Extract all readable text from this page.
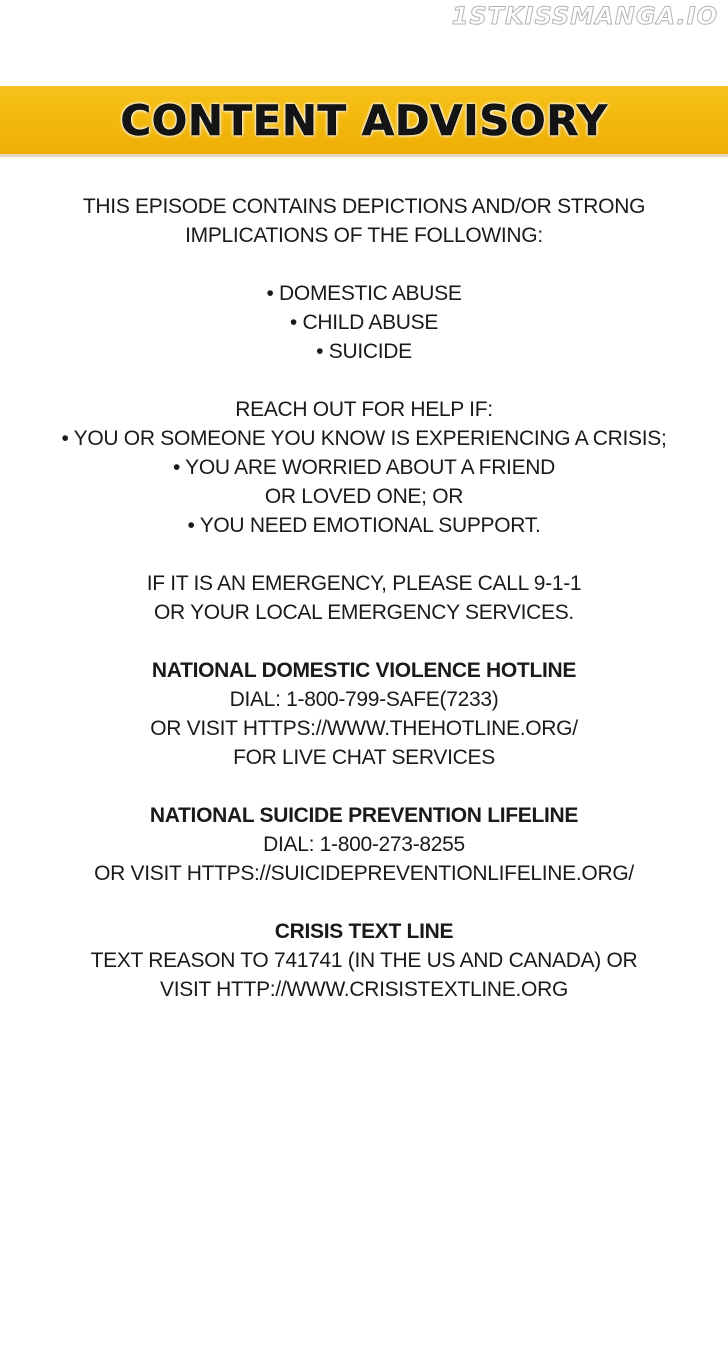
1STKISSMANGA.IO
CONTENT ADVISORY
THIS EPISODE CONTAINS DEPICTIONS AND/OR STRONG
IMPLICATIONS OF THE FOLLOWING:
• DOMESTIC ABUSE
• CHILD ABUSE
• SUICIDE
REACH OUT FOR HELP IF:
• YOU OR SOMEONE YOU KNOW IS EXPERIENCING A CRISIS;
• YOU ARE WORRIED ABOUT A FRIEND
OR LOVED ONE; OR
• YOU NEED EMOTIONAL SUPPORT.
IF IT IS AN EMERGENCY, PLEASE CALL 9-1-1
OR YOUR LOCAL EMERGENCY SERVICES.
NATIONAL DOMESTIC VIOLENCE HOTLINE
DIAL: 1-800-799-SAFE(7233)
OR VISIT HTTPS://WWW.THEHOTLINE.ORG/
FOR LIVE CHAT SERVICES
NATIONAL SUICIDE PREVENTION LIFELINE
DIAL: 1-800-273-8255
OR VISIT HTTPS://SUICIDEPREVENTIONLIFELINE.ORG/
CRISIS TEXT LINE
TEXT REASON TO 741741 (IN THE US AND CANADA) OR
VISIT HTTP://WWW.CRISISTEXTLINE.ORG
